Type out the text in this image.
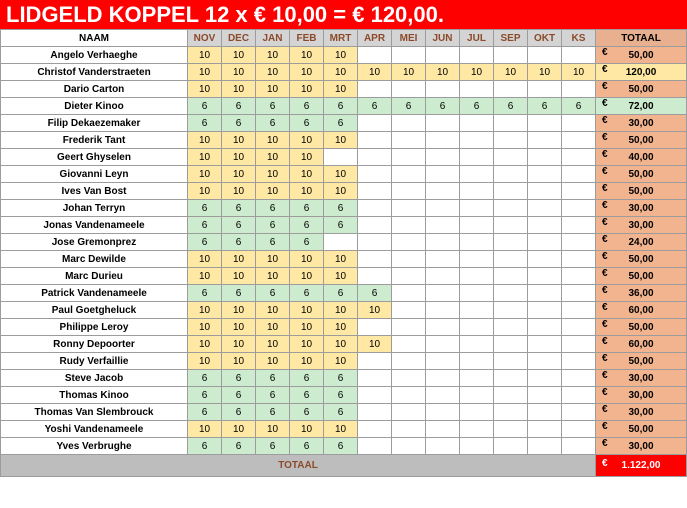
LIDGELD KOPPEL 12 x € 10,00 = € 120,00.
NAAM	NOV	DEC	JAN	FEB	MRT	APR	MEI	JUN	JUL	SEP	OKT	KS	TOTAAL
Angelo Verhaeghe	10	10	10	10	10								€ 50,00
Christof Vanderstraeten	10	10	10	10	10	10	10	10	10	10	10	10	€ 120,00
Dario Carton	10	10	10	10	10								€ 50,00
Dieter Kinoo	6	6	6	6	6	6	6	6	6	6	6	6	€ 72,00
Filip Dekaezemaker	6	6	6	6	6								€ 30,00
Frederik Tant	10	10	10	10	10								€ 50,00
Geert Ghyselen	10	10	10	10									€ 40,00
Giovanni Leyn	10	10	10	10	10								€ 50,00
Ives Van Bost	10	10	10	10	10								€ 50,00
Johan Terryn	6	6	6	6	6								€ 30,00
Jonas Vandenameele	6	6	6	6	6								€ 30,00
Jose Gremonprez	6	6	6	6									€ 24,00
Marc Dewilde	10	10	10	10	10								€ 50,00
Marc Durieu	10	10	10	10	10								€ 50,00
Patrick Vandenameele	6	6	6	6	6	6							€ 36,00
Paul Goetgheluck	10	10	10	10	10	10							€ 60,00
Philippe Leroy	10	10	10	10	10								€ 50,00
Ronny Depoorter	10	10	10	10	10	10							€ 60,00
Rudy Verfaillie	10	10	10	10	10								€ 50,00
Steve Jacob	6	6	6	6	6								€ 30,00
Thomas Kinoo	6	6	6	6	6								€ 30,00
Thomas Van Slembrouck	6	6	6	6	6								€ 30,00
Yoshi Vandenameele	10	10	10	10	10								€ 50,00
Yves Verbrughe	6	6	6	6	6								€ 30,00
TOTAAL													€ 1.122,00
